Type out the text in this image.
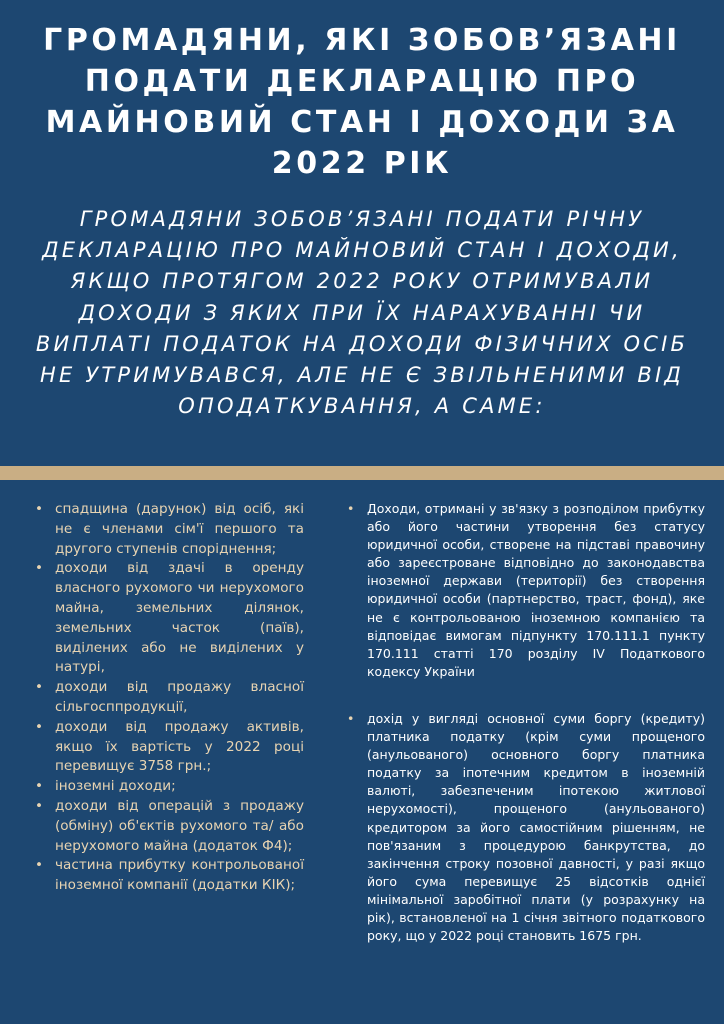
ГРОМАДЯНИ, ЯКІ ЗОБОВ’ЯЗАНІ ПОДАТИ ДЕКЛАРАЦІЮ ПРО МАЙНОВИЙ СТАН І ДОХОДИ ЗА 2022 РІК

ГРОМАДЯНИ ЗОБОВ’ЯЗАНІ ПОДАТИ РІЧНУ ДЕКЛАРАЦІЮ ПРО МАЙНОВИЙ СТАН І ДОХОДИ, ЯКЩО ПРОТЯГОМ 2022 РОКУ ОТРИМУВАЛИ ДОХОДИ З ЯКИХ ПРИ ЇХ НАРАХУВАННІ ЧИ ВИПЛАТІ ПОДАТОК НА ДОХОДИ ФІЗИЧНИХ ОСІБ НЕ УТРИМУВАВСЯ, АЛЕ НЕ Є ЗВІЛЬНЕНИМИ ВІД ОПОДАТКУВАННЯ, А САМЕ:

• спадщина (дарунок) від осіб, які не є членами сім'ї першого та другого ступенів споріднення;
• доходи від здачі в оренду власного рухомого чи нерухомого майна, земельних ділянок, земельних часток (паїв), виділених або не виділених у натурі,
• доходи від продажу власної сільгосппродукції,
• доходи від продажу активів, якщо їх вартість у 2022 році перевищує 3758 грн.;
• іноземні доходи;
• доходи від операцій з продажу (обміну) об'єктів рухомого та/ або нерухомого майна (додаток Ф4);
• частина прибутку контрольованої іноземної компанії (додатки КІК);
• Доходи, отримані у зв'язку з розподілом прибутку або його частини утворення без статусу юридичної особи, створене на підставі правочину або зареєстроване відповідно до законодавства іноземної держави (території) без створення юридичної особи (партнерство, траст, фонд), яке не є контрольованою іноземною компанією та відповідає вимогам підпункту 170.111.1 пункту 170.111 статті 170 розділу IV Податкового кодексу України
• дохід у вигляді основної суми боргу (кредиту) платника податку (крім суми прощеного (анульованого) основного боргу платника податку за іпотечним кредитом в іноземній валюті, забезпеченим іпотекою житлової нерухомості), прощеного (анульованого) кредитором за його самостійним рішенням, не пов'язаним з процедурою банкрутства, до закінчення строку позовної давності, у разі якщо його сума перевищує 25 відсотків однієї мінімальної заробітної плати (у розрахунку на рік), встановленої на 1 січня звітного податкового року, що у 2022 році становить 1675 грн.
